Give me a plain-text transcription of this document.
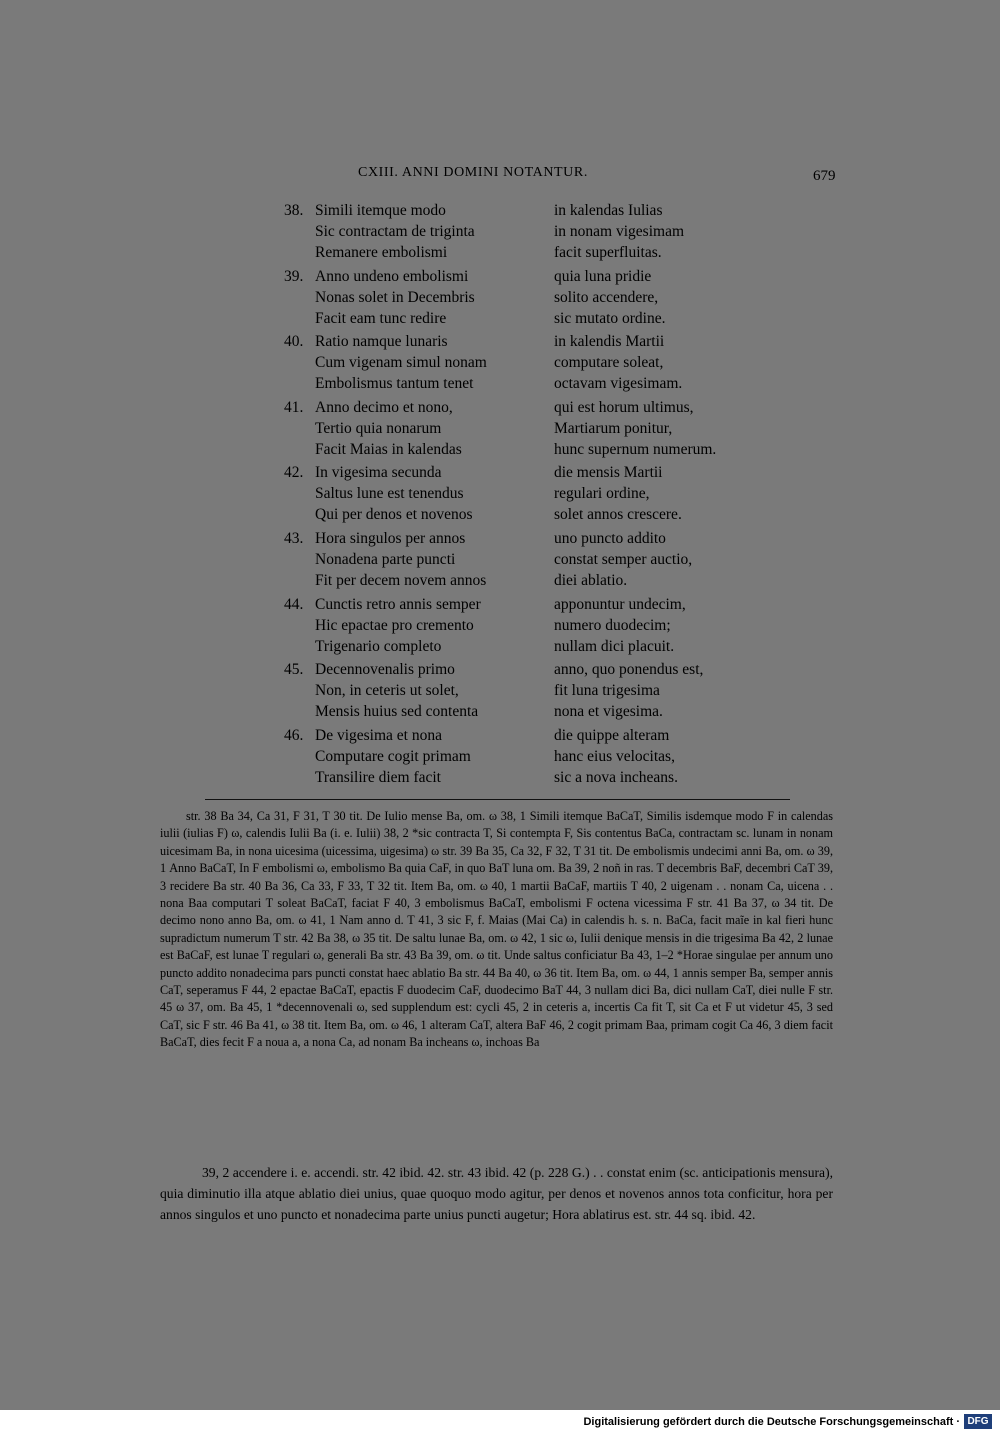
CXIII. ANNI DOMINI NOTANTUR.	679
38. Simili itemque modo	in kalendas Iulias
Sic contractam de triginta	in nonam vigesimam
Remanere embolismi	facit superfluitas.
39. Anno undeno embolismi	quia luna pridie
Nonas solet in Decembris	solito accendere,
Facit eam tunc redire	sic mutato ordine.
40. Ratio namque lunaris	in kalendis Martii
Cum vigenam simul nonam	computare soleat,
Embolismus tantum tenet	octavam vigesimam.
41. Anno decimo et nono,	qui est horum ultimus,
Tertio quia nonarum	Martiarum ponitur,
Facit Maias in kalendas	hunc supernum numerum.
42. In vigesima secunda	die mensis Martii
Saltus lune est tenendus	regulari ordine,
Qui per denos et novenos	solet annos crescere.
43. Hora singulos per annos	uno puncto addito
Nonadena parte puncti	constat semper auctio,
Fit per decem novem annos	diei ablatio.
44. Cunctis retro annis semper	apponuntur undecim,
Hic epactae pro cremento	numero duodecim;
Trigenario completo	nullam dici placuit.
45. Decennovenalis primo	anno, quo ponendus est,
Non, in ceteris ut solet,	fit luna trigesima
Mensis huius sed contenta	nona et vigesima.
46. De vigesima et nona	die quippe alteram
Computare cogit primam	hanc eius velocitas,
Transilire diem facit	sic a nova incheans.

str. 38 Ba 34, Ca 31, F 31, T 30 tit. De Iulio mense Ba, om. ω 38, 1 Simili itemque BaCaT, Similis isdemque modo F in calendas iulii (iulias F) ω, calendis Iulii Ba (i. e. Iulii) 38, 2 *sic contracta T, Si contempta F, Sis contentus BaCa, contractam sc. lunam in nonam uicesimam Ba, in nona uicesima (uicessima, uigesima) ω str. 39 Ba 35, Ca 32, F 32, T 31 tit. De embolismis undecimi anni Ba, om. ω 39, 1 Anno BaCaT, In F embolismi ω, embolismo Ba quia CaF, in quo BaT luna om. Ba 39, 2 noñ in ras. T decembris BaF, decembri CaT 39, 3 recidere Ba str. 40 Ba 36, Ca 33, F 33, T 32 tit. Item Ba, om. ω 40, 1 martii BaCaF, martiis T 40, 2 uigenam . . nonam Ca, uicena . . nona Baa computari T soleat BaCaT, faciat F 40, 3 embolismus BaCaT, embolismi F octena vicessima F str. 41 Ba 37, ω 34 tit. De decimo nono anno Ba, om. ω 41, 1 Nam anno d. T 41, 3 sic F, f. Maias (Mai Ca) in calendis h. s. n. BaCa, facit maĩe in kal fieri hunc supradictum numerum T str. 42 Ba 38, ω 35 tit. De saltu lunae Ba, om. ω 42, 1 sic ω, Iulii denique mensis in die trigesima Ba 42, 2 lunae est BaCaF, est lunae T regulari ω, generali Ba str. 43 Ba 39, om. ω tit. Unde saltus conficiatur Ba 43, 1–2 *Horae singulae per annum uno puncto addito nonadecima pars puncti constat haec ablatio Ba str. 44 Ba 40, ω 36 tit. Item Ba, om. ω 44, 1 annis semper Ba, semper annis CaT, seperamus F 44, 2 epactae BaCaT, epactis F duodecim CaF, duodecimo BaT 44, 3 nullam dici Ba, dici nullam CaT, diei nulle F str. 45 ω 37, om. Ba 45, 1 *decennovenali ω, sed supplendum est: cycli 45, 2 in ceteris a, incertis Ca fit T, sit Ca et F ut videtur 45, 3 sed CaT, sic F str. 46 Ba 41, ω 38 tit. Item Ba, om. ω 46, 1 alteram CaT, altera BaF 46, 2 cogit primam Baa, primam cogit Ca 46, 3 diem facit BaCaT, dies fecit F a noua a, a nona Ca, ad nonam Ba incheans ω, inchoas Ba

39, 2 accendere i. e. accendi. str. 42 ibid. 42. str. 43 ibid. 42 (p. 228 G.) . . constat enim (sc. anticipationis mensura), quia diminutio illa atque ablatio diei unius, quae quoquo modo agitur, per denos et novenos annos tota conficitur, hora per annos singulos et uno puncto et nonadecima parte unius puncti augetur; Hora ablatirus est. str. 44 sq. ibid. 42.

Digitalisierung gefördert durch die Deutsche Forschungsgemeinschaft · DFG
